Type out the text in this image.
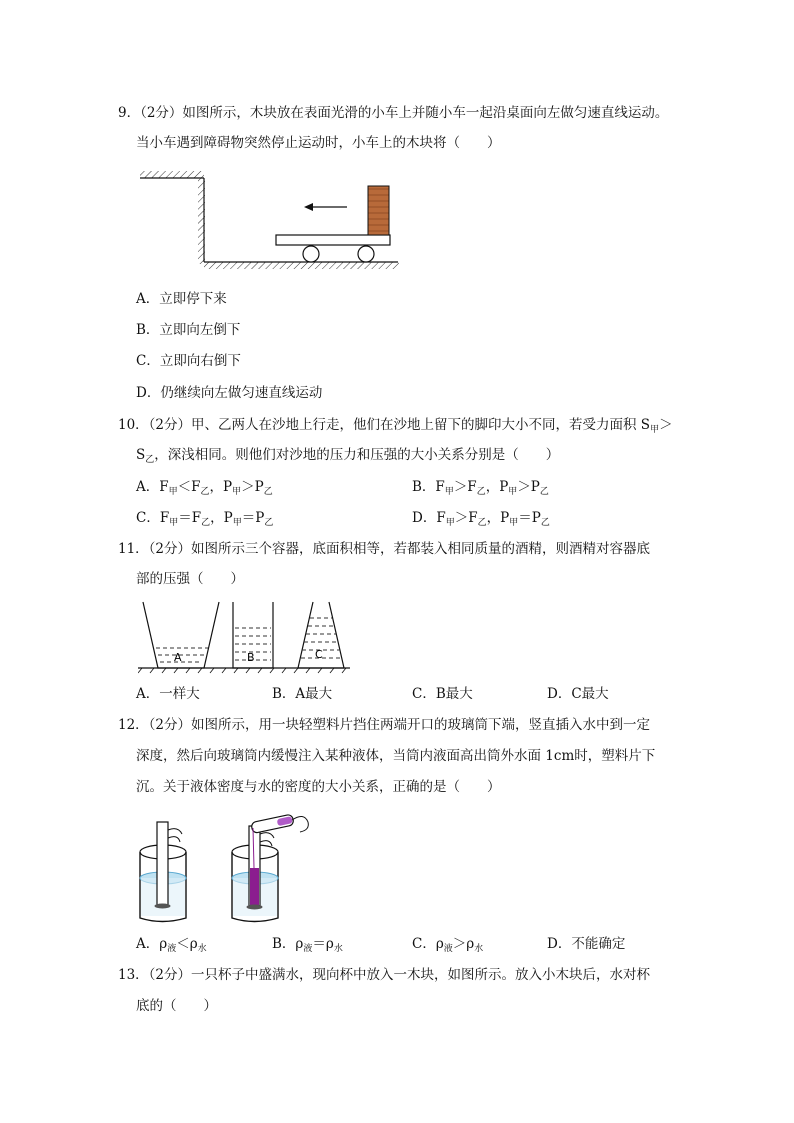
9．（2分）如图所示，木块放在表面光滑的小车上并随小车一起沿桌面向左做匀速直线运动。
当小车遇到障碍物突然停止运动时，小车上的木块将（　　）
A．立即停下来
B．立即向左倒下
C．立即向右倒下
D．仍继续向左做匀速直线运动
10．（2分）甲、乙两人在沙地上行走，他们在沙地上留下的脚印大小不同，若受力面积 $S_甲>$
$S_乙$，深浅相同。则他们对沙地的压力和压强的大小关系分别是（　　）
A．$F_甲<F_乙$，$P_甲>P_乙$	B．$F_甲>F_乙$，$P_甲>P_乙$
C．$F_甲=F_乙$，$P_甲=P_乙$	D．$F_甲>F_乙$，$P_甲=P_乙$
11．（2分）如图所示三个容器，底面积相等，若都装入相同质量的酒精，则酒精对容器底
部的压强（　　）
A	B	C
A．一样大	B．A最大	C．B最大	D．C最大
12．（2分）如图所示，用一块轻塑料片挡住两端开口的玻璃筒下端，竖直插入水中到一定
深度，然后向玻璃筒内缓慢注入某种液体，当筒内液面高出筒外水面 1cm时，塑料片下
沉。关于液体密度与水的密度的大小关系，正确的是（　　）
A．$\rho_液<\rho_水$	B．$\rho_液=\rho_水$	C．$\rho_液>\rho_水$	D．不能确定
13．（2分）一只杯子中盛满水，现向杯中放入一木块，如图所示。放入小木块后，水对杯
底的（　　）
